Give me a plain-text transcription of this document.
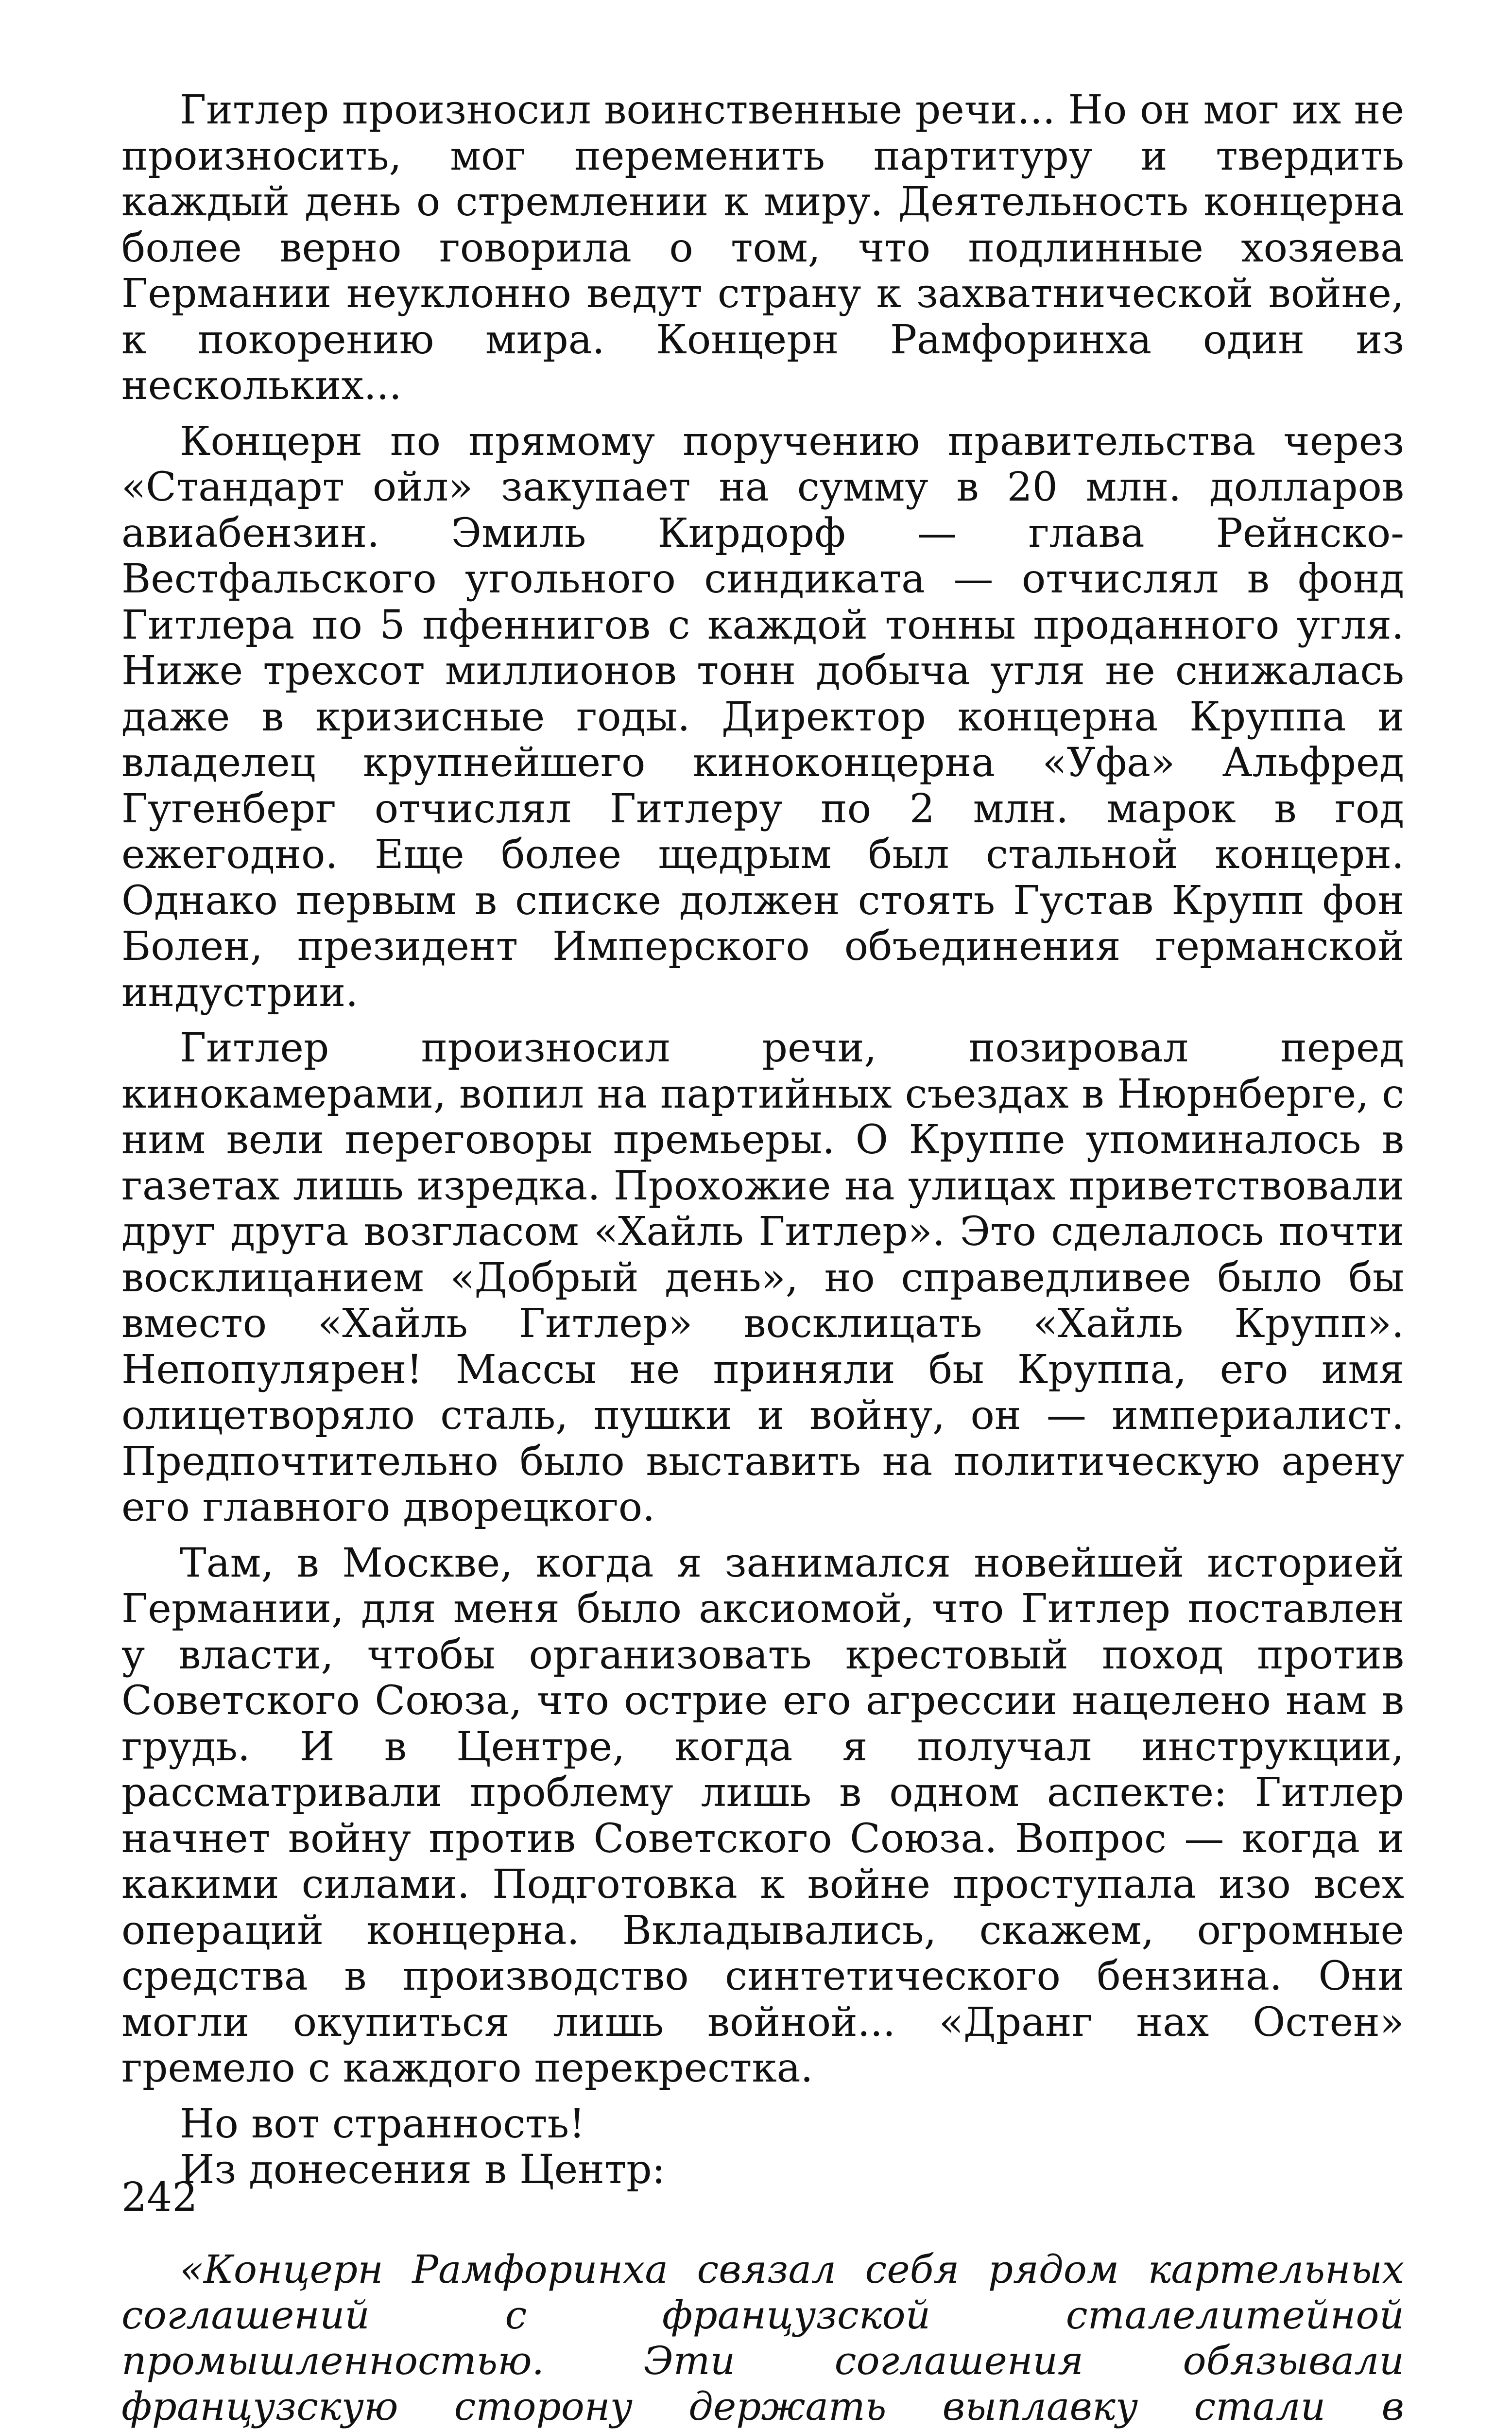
Гитлер произносил воинственные речи... Но он мог их не произносить, мог переменить партитуру и твердить каждый день о стремлении к миру. Деятельность концерна более верно говорила о том, что подлинные хозяева Германии неуклонно ведут страну к захватнической войне, к покорению мира. Концерн Рамфоринха один из нескольких...

Концерн по прямому поручению правительства через «Стандарт ойл» закупает на сумму в 20 млн. долларов авиабензин. Эмиль Кирдорф — глава Рейнско-Вестфальского угольного синдиката — отчислял в фонд Гитлера по 5 пфеннигов с каждой тонны проданного угля. Ниже трехсот миллионов тонн добыча угля не снижалась даже в кризисные годы. Директор концерна Круппа и владелец крупнейшего киноконцерна «Уфа» Альфред Гугенберг отчислял Гитлеру по 2 млн. марок в год ежегодно. Еще более щедрым был стальной концерн. Однако первым в списке должен стоять Густав Крупп фон Болен, президент Имперского объединения германской индустрии.

Гитлер произносил речи, позировал перед кинокамерами, вопил на партийных съездах в Нюрнберге, с ним вели переговоры премьеры. О Круппе упоминалось в газетах лишь изредка. Прохожие на улицах приветствовали друг друга возгласом «Хайль Гитлер». Это сделалось почти восклицанием «Добрый день», но справедливее было бы вместо «Хайль Гитлер» восклицать «Хайль Крупп». Непопулярен! Массы не приняли бы Круппа, его имя олицетворяло сталь, пушки и войну, он — империалист. Предпочтительно было выставить на политическую арену его главного дворецкого.

Там, в Москве, когда я занимался новейшей историей Германии, для меня было аксиомой, что Гитлер поставлен у власти, чтобы организовать крестовый поход против Советского Союза, что острие его агрессии нацелено нам в грудь. И в Центре, когда я получал инструкции, рассматривали проблему лишь в одном аспекте: Гитлер начнет войну против Советского Союза. Вопрос — когда и какими силами. Подготовка к войне проступала изо всех операций концерна. Вкладывались, скажем, огромные средства в производство синтетического бензина. Они могли окупиться лишь войной... «Дранг нах Остен» гремело с каждого перекрестка.

Но вот странность!

Из донесения в Центр:

«Концерн Рамфоринха связал себя рядом картельных соглашений с французской сталелитейной промышленностью. Эти соглашения обязывали французскую сторону держать выплавку стали в

242
